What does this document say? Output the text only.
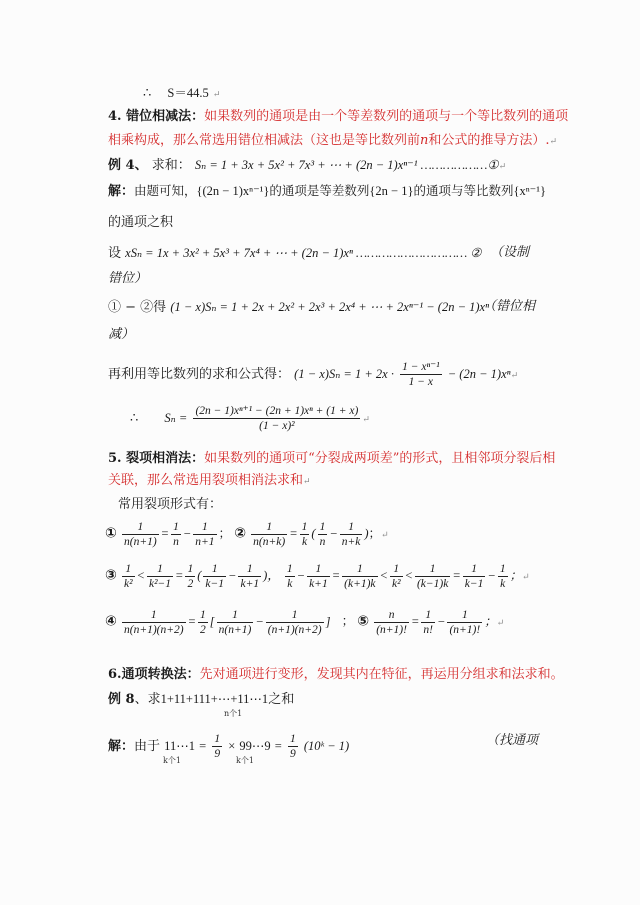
∴ S＝44.5 ↵
4. 错位相减法：如果数列的通项是由一个等差数列的通项与一个等比数列的通项
相乘构成，那么常选用错位相减法（这也是等比数列前n和公式的推导方法）.↵
例 4、 求和： Sₙ = 1 + 3x + 5x² + 7x³ + ⋯ + (2n − 1)xⁿ⁻¹ ………………①↵
解：由题可知，{(2n − 1)xⁿ⁻¹}的通项是等差数列{2n − 1}的通项与等比数列{xⁿ⁻¹}
的通项之积
设 xSₙ = 1x + 3x² + 5x³ + 7x⁴ + ⋯ + (2n − 1)xⁿ ………………………… ② （设制
错位）
① − ②得 (1 − x)Sₙ = 1 + 2x + 2x² + 2x³ + 2x⁴ + ⋯ + 2xⁿ⁻¹ − (2n − 1)xⁿ
（错位相
减）
再利用等比数列的求和公式得： $(1 - x)S_n = 1 + 2x \cdot \frac{\text{1 − xⁿ⁻¹}}{1 - x} - (2n$ − 1)xⁿ↵
∴ $S_n = \frac{\text{(2n − 1)xⁿ⁺¹ − (2n + 1)xⁿ + (1 + x)}}{\text{(1 − x)²}}$ ↵
5. 裂项相消法：如果数列的通项可“分裂成两项差”的形式，且相邻项分裂后相
关联，那么常选用裂项相消法求和↵
常用裂项形式有：
① $\frac{1}{n(n+1)} = \frac{1}{n} - \frac{1}{n+1}$ ； ② $\frac{1}{n(n+k)} = \frac{1}{k}$ ( $\frac{1}{n} - \frac{1}{n+k}$ )；↵
③ $\frac{1}{\text{k²}} < \frac{1}{\text{k²−1}} = \frac{1}{2}$ ( $\frac{1}{k-1} - \frac{1}{k+1}$ )， $\frac{1}{k} - \frac{1}{k+1} = \frac{1}{(k+1)k} < \frac{1}{\text{k²}} < \frac{1}{(k-1)k} = \frac{1}{k-1} - \frac{1}{k}$ ；↵
④ $\frac{1}{n(n+1)(n+2)} = \frac{1}{2}$ [ $\frac{1}{n(n+1)} - \frac{1}{(n+1)(n+2)}$ ] ； ⑤ $\frac{n}{(n+1)!} = \frac{1}{n!} - \frac{1}{(n+1)!}$ ；↵
6.通项转换法：先对通项进行变形，发现其内在特征，再运用分组求和法求和。
例 8、求1+11+111+⋯+11⋯1之和
n个1
解：由于 11⋯1 = $\frac{1}{9}$ × 99⋯9 = $\frac{1}{9}$ (10ᵏ − 1)
k个1	k个1
（找通项
